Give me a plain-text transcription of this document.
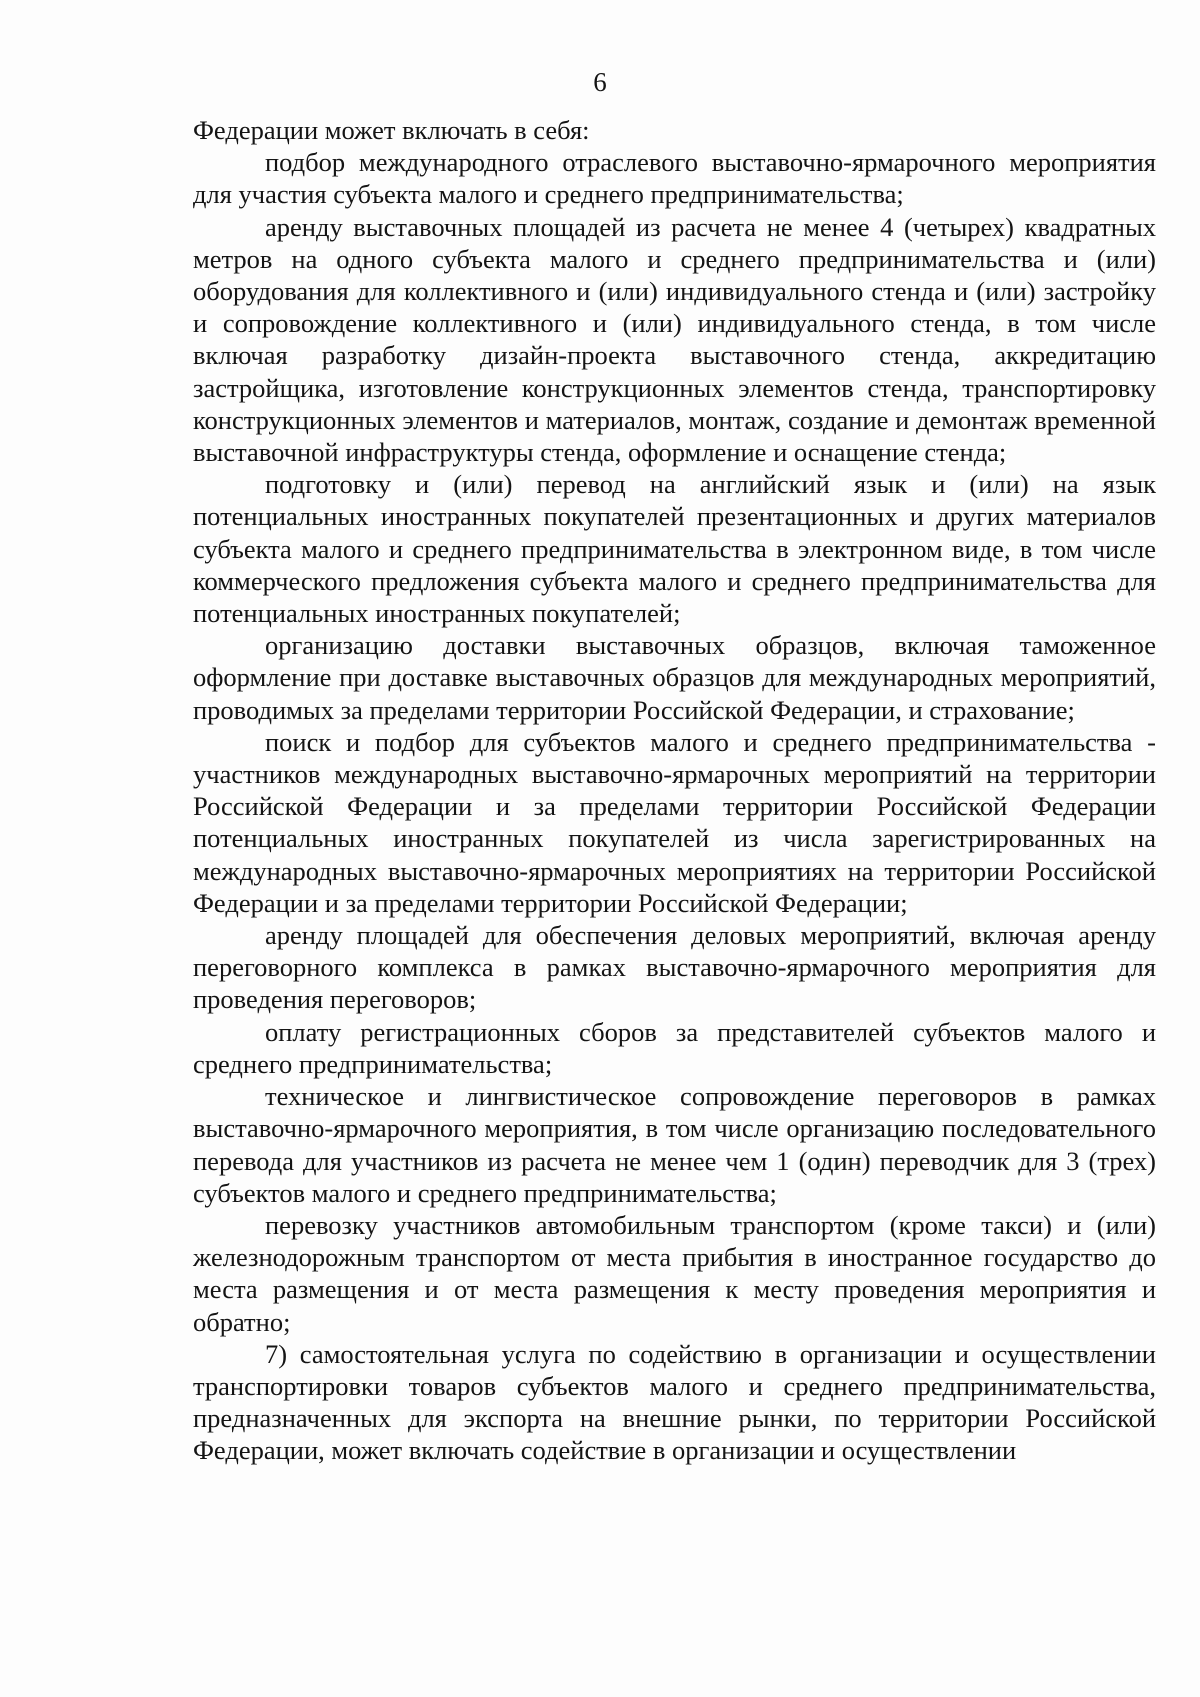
6

Федерации может включать в себя:

подбор международного отраслевого выставочно-ярмарочного мероприятия для участия субъекта малого и среднего предпринимательства;

аренду выставочных площадей из расчета не менее 4 (четырех) квадратных метров на одного субъекта малого и среднего предпринимательства и (или) оборудования для коллективного и (или) индивидуального стенда и (или) застройку и сопровождение коллективного и (или) индивидуального стенда, в том числе включая разработку дизайн-проекта выставочного стенда, аккредитацию застройщика, изготовление конструкционных элементов стенда, транспортировку конструкционных элементов и материалов, монтаж, создание и демонтаж временной выставочной инфраструктуры стенда, оформление и оснащение стенда;

подготовку и (или) перевод на английский язык и (или) на язык потенциальных иностранных покупателей презентационных и других материалов субъекта малого и среднего предпринимательства в электронном виде, в том числе коммерческого предложения субъекта малого и среднего предпринимательства для потенциальных иностранных покупателей;

организацию доставки выставочных образцов, включая таможенное оформление при доставке выставочных образцов для международных мероприятий, проводимых за пределами территории Российской Федерации, и страхование;

поиск и подбор для субъектов малого и среднего предпринимательства - участников международных выставочно-ярмарочных мероприятий на территории Российской Федерации и за пределами территории Российской Федерации потенциальных иностранных покупателей из числа зарегистрированных на международных выставочно-ярмарочных мероприятиях на территории Российской Федерации и за пределами территории Российской Федерации;

аренду площадей для обеспечения деловых мероприятий, включая аренду переговорного комплекса в рамках выставочно-ярмарочного мероприятия для проведения переговоров;

оплату регистрационных сборов за представителей субъектов малого и среднего предпринимательства;

техническое и лингвистическое сопровождение переговоров в рамках выставочно-ярмарочного мероприятия, в том числе организацию последовательного перевода для участников из расчета не менее чем 1 (один) переводчик для 3 (трех) субъектов малого и среднего предпринимательства;

перевозку участников автомобильным транспортом (кроме такси) и (или) железнодорожным транспортом от места прибытия в иностранное государство до места размещения и от места размещения к месту проведения мероприятия и обратно;

7) самостоятельная услуга по содействию в организации и осуществлении транспортировки товаров субъектов малого и среднего предпринимательства, предназначенных для экспорта на внешние рынки, по территории Российской Федерации, может включать содействие в организации и осуществлении
